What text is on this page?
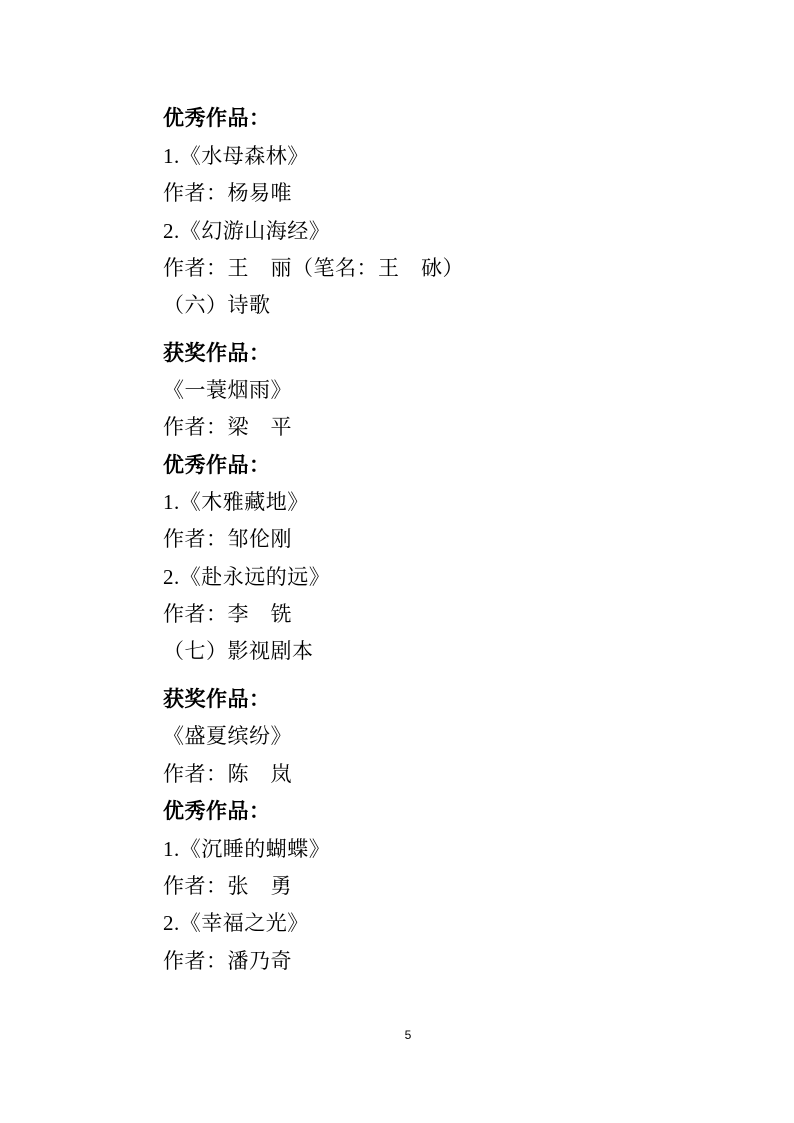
优秀作品：
1.《水母森林》
作者：杨易唯
2.《幻游山海经》
作者：王　丽（笔名：王　砅）
（六）诗歌
获奖作品：
《一蓑烟雨》
作者：梁　平
优秀作品：
1.《木雅藏地》
作者：邹伦刚
2.《赴永远的远》
作者：李　铣
（七）影视剧本
获奖作品：
《盛夏缤纷》
作者：陈　岚
优秀作品：
1.《沉睡的蝴蝶》
作者：张　勇
2.《幸福之光》
作者：潘乃奇
5
